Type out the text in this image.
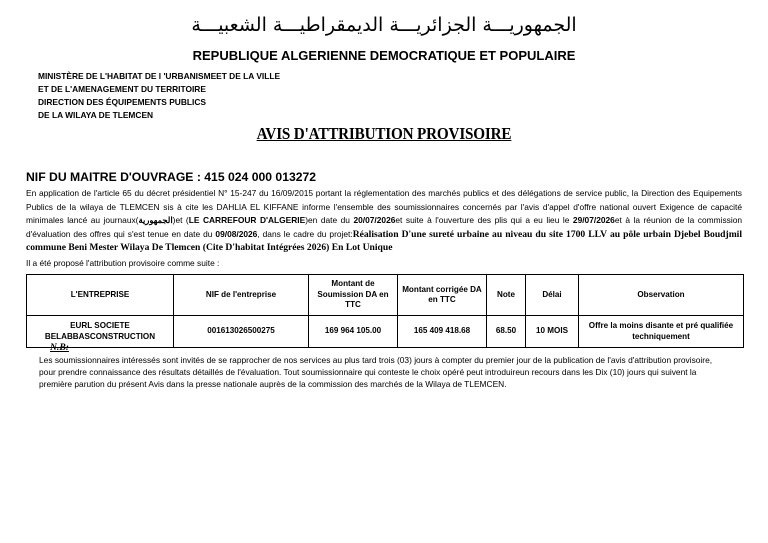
الجمهوريـــة الجزائريـــة الديمقراطيـــة الشعبيـــة
REPUBLIQUE ALGERIENNE DEMOCRATIQUE ET POPULAIRE
MINISTÈRE DE L'HABITAT DE l 'URBANISMEET DE LA VILLE
ET DE L'AMENAGEMENT DU TERRITOIRE
DIRECTION DES ÉQUIPEMENTS PUBLICS
DE LA WILAYA DE TLEMCEN
AVIS D'ATTRIBUTION PROVISOIRE
NIF DU MAITRE D'OUVRAGE : 415 024 000 013272
En application de l'article 65 du décret présidentiel N° 15-247 du 16/09/2015 portant la réglementation des marchés publics et des délégations de service public, la Direction des Equipements Publics de la wilaya de TLEMCEN sis à cite les DAHLIA EL KIFFANE informe l'ensemble des soumissionnaires concernés par l'avis d'appel d'offre national ouvert Exigence de capacité minimales lancé au journaux(الجمهورية)et (LE CARREFOUR D'ALGERIE)en date du 20/07/2026et suite à l'ouverture des plis qui a eu lieu le 29/07/2026et à la réunion de la commission d'évaluation des offres qui s'est tenue en date du 09/08/2026, dans le cadre du projet:Réalisation D'une sureté urbaine au niveau du site 1700 LLV au pôle urbain Djebel Boudjmil commune Beni Mester Wilaya De Tlemcen (Cite D'habitat Intégrées 2026) En Lot Unique
Il a été proposé l'attribution provisoire comme suite :
L'ENTREPRISE	NIF de l'entreprise	Montant de Soumission DA en TTC	Montant corrigée DA en TTC	Note	Délai	Observation
EURL SOCIETE BELABBASCONSTRUCTION	001613026500275	169 964 105.00	165 409 418.68	68.50	10 MOIS	Offre la moins disante et pré qualifiée techniquement
N.B:
Les soumissionnaires intéressés sont invités de se rapprocher de nos services au plus tard trois (03) jours à compter du premier jour de la publication de l'avis d'attribution provisoire, pour prendre connaissance des résultats détaillés de l'évaluation. Tout soumissionnaire qui conteste le choix opéré peut introduireun recours dans les Dix (10) jours qui suivent la première parution du présent Avis dans la presse nationale auprès de la commission des marchés de la Wilaya de TLEMCEN.
